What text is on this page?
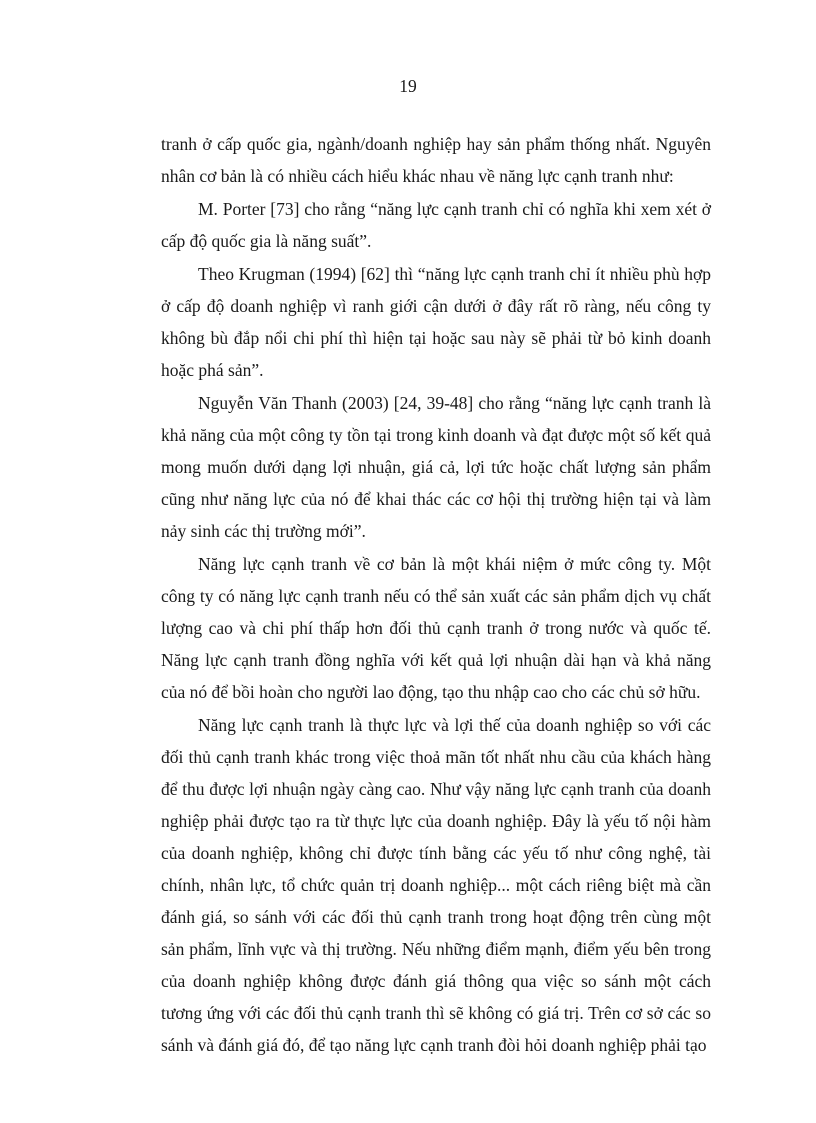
19

tranh ở cấp quốc gia, ngành/doanh nghiệp hay sản phẩm thống nhất. Nguyên nhân cơ bản là có nhiều cách hiểu khác nhau về năng lực cạnh tranh như:

M. Porter [73] cho rằng “năng lực cạnh tranh chỉ có nghĩa khi xem xét ở cấp độ quốc gia là năng suất”.

Theo Krugman (1994) [62] thì “năng lực cạnh tranh chỉ ít nhiều phù hợp ở cấp độ doanh nghiệp vì ranh giới cận dưới ở đây rất rõ ràng, nếu công ty không bù đắp nổi chi phí thì hiện tại hoặc sau này sẽ phải từ bỏ kinh doanh hoặc phá sản”.

Nguyễn Văn Thanh (2003) [24, 39-48] cho rằng “năng lực cạnh tranh là khả năng của một công ty tồn tại trong kinh doanh và đạt được một số kết quả mong muốn dưới dạng lợi nhuận, giá cả, lợi tức hoặc chất lượng sản phẩm cũng như năng lực của nó để khai thác các cơ hội thị trường hiện tại và làm nảy sinh các thị trường mới”.

Năng lực cạnh tranh về cơ bản là một khái niệm ở mức công ty. Một công ty có năng lực cạnh tranh nếu có thể sản xuất các sản phẩm dịch vụ chất lượng cao và chi phí thấp hơn đối thủ cạnh tranh ở trong nước và quốc tế. Năng lực cạnh tranh đồng nghĩa với kết quả lợi nhuận dài hạn và khả năng của nó để bồi hoàn cho người lao động, tạo thu nhập cao cho các chủ sở hữu.

Năng lực cạnh tranh là thực lực và lợi thế của doanh nghiệp so với các đối thủ cạnh tranh khác trong việc thoả mãn tốt nhất nhu cầu của khách hàng để thu được lợi nhuận ngày càng cao. Như vậy năng lực cạnh tranh của doanh nghiệp phải được tạo ra từ thực lực của doanh nghiệp. Đây là yếu tố nội hàm của doanh nghiệp, không chỉ được tính bằng các yếu tố như công nghệ, tài chính, nhân lực, tổ chức quản trị doanh nghiệp... một cách riêng biệt mà cần đánh giá, so sánh với các đối thủ cạnh tranh trong hoạt động trên cùng một sản phẩm, lĩnh vực và thị trường. Nếu những điểm mạnh, điểm yếu bên trong của doanh nghiệp không được đánh giá thông qua việc so sánh một cách tương ứng với các đối thủ cạnh tranh thì sẽ không có giá trị. Trên cơ sở các so sánh và đánh giá đó, để tạo năng lực cạnh tranh đòi hỏi doanh nghiệp phải tạo
